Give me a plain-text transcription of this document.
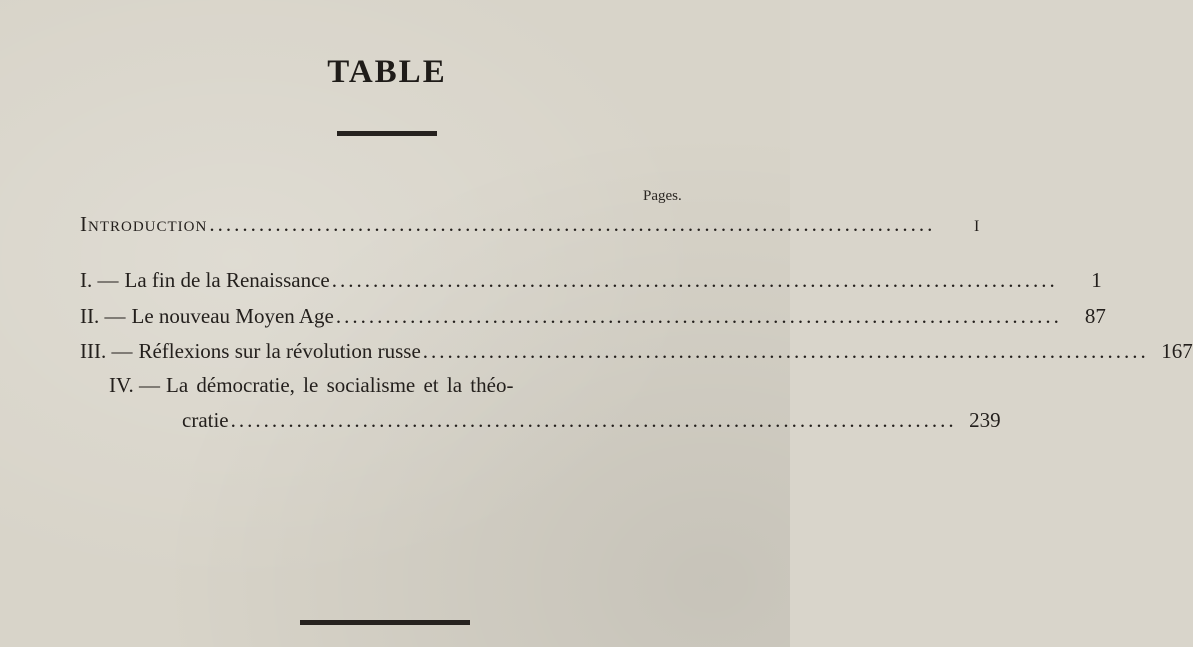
TABLE
Pages.
Introduction ........................................................................................	I
I. — La fin de la Renaissance ........................................................................................	1
II. — Le nouveau Moyen Age ........................................................................................	87
III. — Réflexions sur la révolution russe ........................................................................................ 167
IV. — La démocratie, le socialisme et la théo-
cratie ........................................................................................ 239
